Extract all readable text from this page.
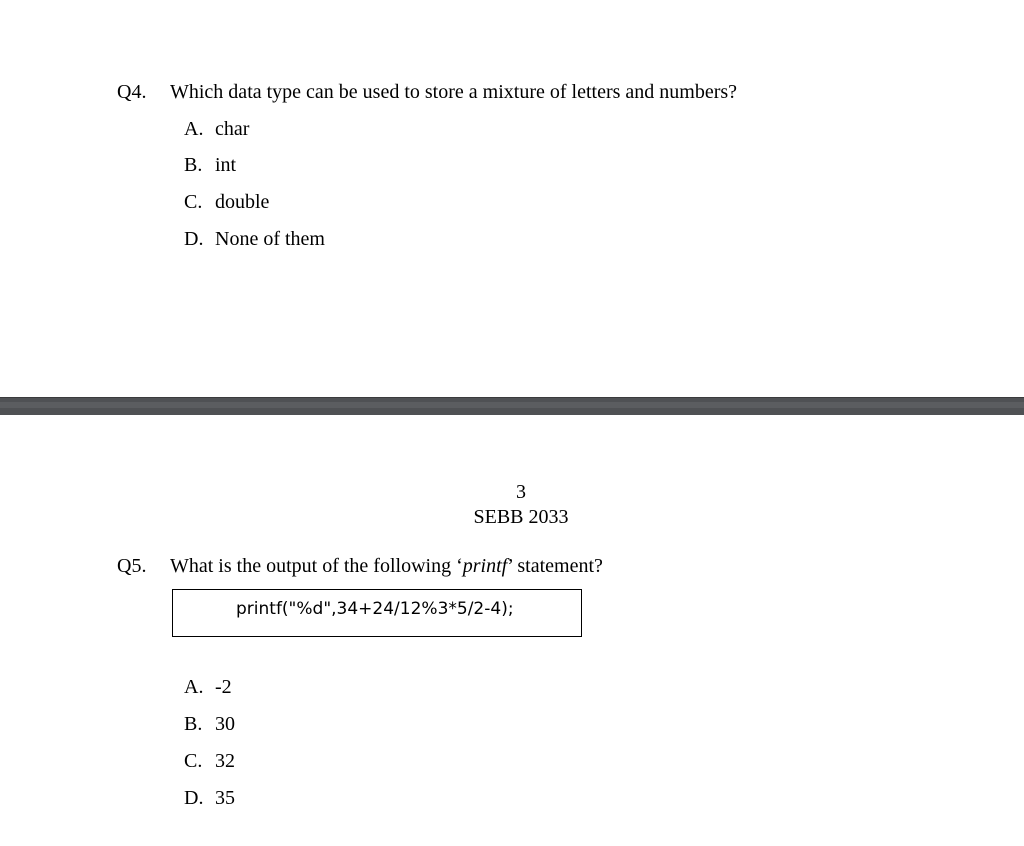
Q4. Which data type can be used to store a mixture of letters and numbers?
A. char
B. int
C. double
D. None of them
3
SEBB 2033
Q5. What is the output of the following ‘printf’ statement?
printf("%d",34+24/12%3*5/2-4);
A. -2
B. 30
C. 32
D. 35
